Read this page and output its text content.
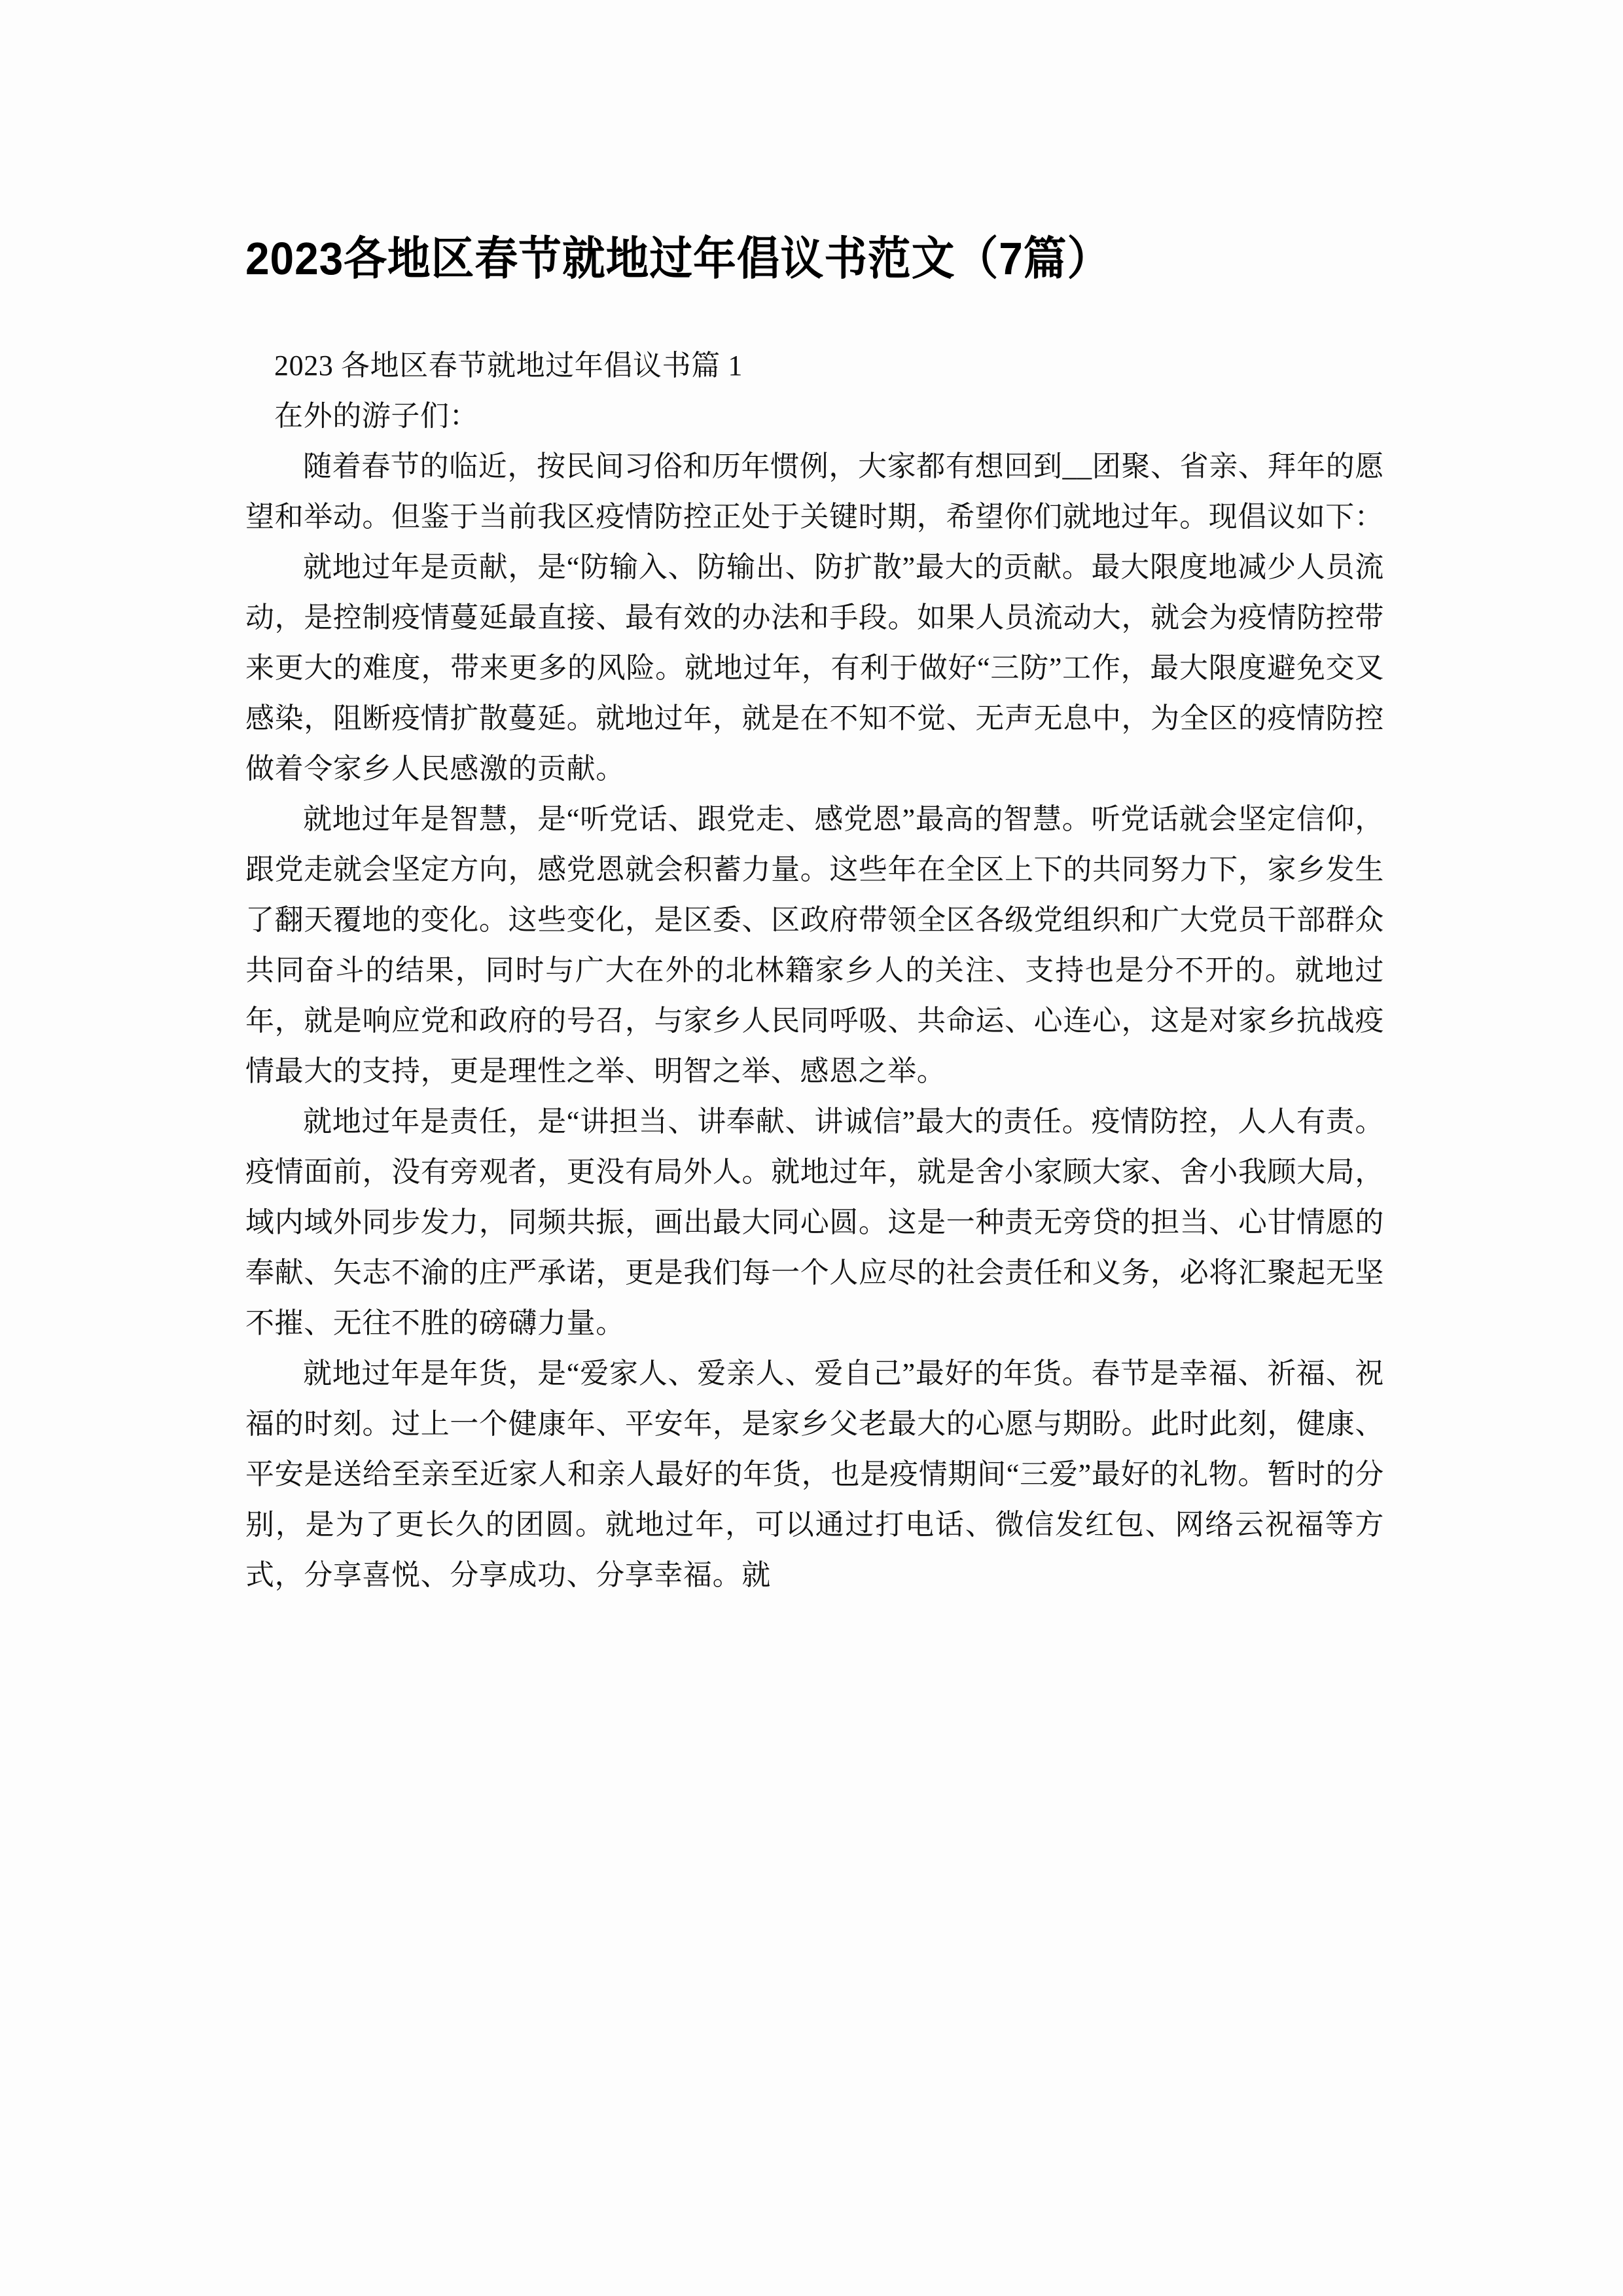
2023各地区春节就地过年倡议书范文（7篇）

2023 各地区春节就地过年倡议书篇 1

在外的游子们：

随着春节的临近，按民间习俗和历年惯例，大家都有想回到__团聚、省亲、拜年的愿望和举动。但鉴于当前我区疫情防控正处于关键时期，希望你们就地过年。现倡议如下：

就地过年是贡献，是“防输入、防输出、防扩散”最大的贡献。最大限度地减少人员流动，是控制疫情蔓延最直接、最有效的办法和手段。如果人员流动大，就会为疫情防控带来更大的难度，带来更多的风险。就地过年，有利于做好“三防”工作，最大限度避免交叉感染，阻断疫情扩散蔓延。就地过年，就是在不知不觉、无声无息中，为全区的疫情防控做着令家乡人民感激的贡献。

就地过年是智慧，是“听党话、跟党走、感党恩”最高的智慧。听党话就会坚定信仰，跟党走就会坚定方向，感党恩就会积蓄力量。这些年在全区上下的共同努力下，家乡发生了翻天覆地的变化。这些变化，是区委、区政府带领全区各级党组织和广大党员干部群众共同奋斗的结果，同时与广大在外的北林籍家乡人的关注、支持也是分不开的。就地过年，就是响应党和政府的号召，与家乡人民同呼吸、共命运、心连心，这是对家乡抗战疫情最大的支持，更是理性之举、明智之举、感恩之举。

就地过年是责任，是“讲担当、讲奉献、讲诚信”最大的责任。疫情防控，人人有责。疫情面前，没有旁观者，更没有局外人。就地过年，就是舍小家顾大家、舍小我顾大局，域内域外同步发力，同频共振，画出最大同心圆。这是一种责无旁贷的担当、心甘情愿的奉献、矢志不渝的庄严承诺，更是我们每一个人应尽的社会责任和义务，必将汇聚起无坚不摧、无往不胜的磅礴力量。

就地过年是年货，是“爱家人、爱亲人、爱自己”最好的年货。春节是幸福、祈福、祝福的时刻。过上一个健康年、平安年，是家乡父老最大的心愿与期盼。此时此刻，健康、平安是送给至亲至近家人和亲人最好的年货，也是疫情期间“三爱”最好的礼物。暂时的分别，是为了更长久的团圆。就地过年，可以通过打电话、微信发红包、网络云祝福等方式，分享喜悦、分享成功、分享幸福。就
